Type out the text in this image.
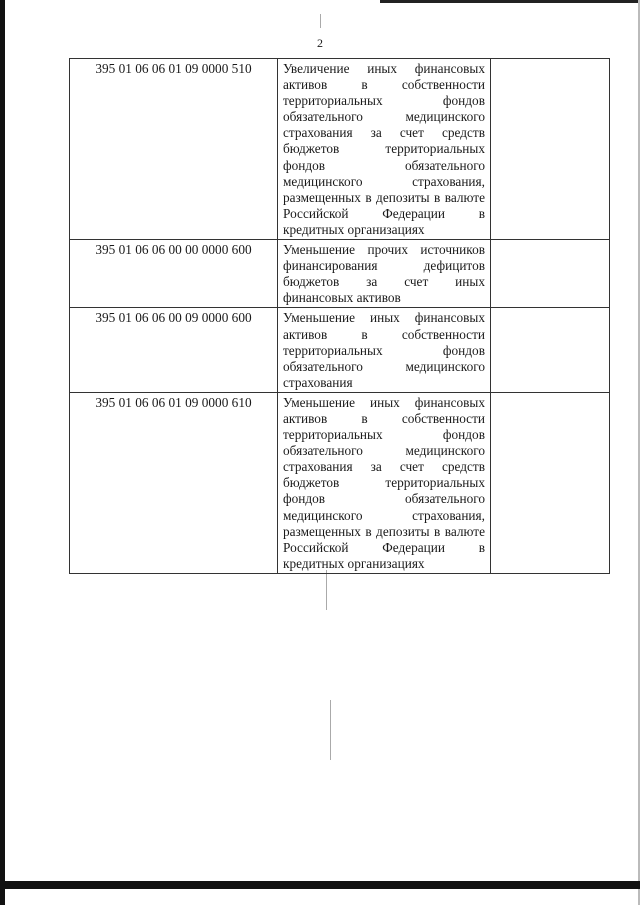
2
395 01 06 06 01 09 0000 510	Увеличение иных финансовых активов в собственности территориальных фондов обязательного медицинского страхования за счет средств бюджетов территориальных фондов обязательного медицинского страхования, размещенных в депозиты в валюте Российской Федерации в кредитных организациях	
395 01 06 06 00 00 0000 600	Уменьшение прочих источников финансирования дефицитов бюджетов за счет иных финансовых активов	
395 01 06 06 00 09 0000 600	Уменьшение иных финансовых активов в собственности территориальных фондов обязательного медицинского страхования	
395 01 06 06 01 09 0000 610	Уменьшение иных финансовых активов в собственности территориальных фондов обязательного медицинского страхования за счет средств бюджетов территориальных фондов обязательного медицинского страхования, размещенных в депозиты в валюте Российской Федерации в кредитных организациях	
